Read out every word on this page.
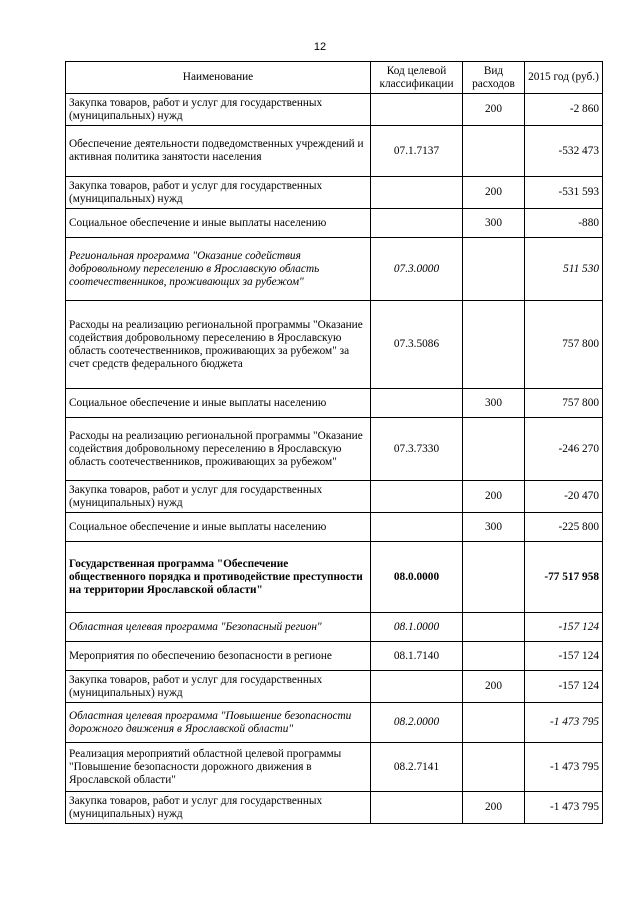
12
Наименование	Код целевой классификации	Вид расходов	2015 год (руб.)
Закупка товаров, работ и услуг для государственных (муниципальных) нужд		200	-2 860
Обеспечение деятельности подведомственных учреждений и активная политика занятости населения	07.1.7137		-532 473
Закупка товаров, работ и услуг для государственных (муниципальных) нужд		200	-531 593
Социальное обеспечение и иные выплаты населению		300	-880
Региональная программа "Оказание содействия добровольному переселению в Ярославскую область соотечественников, проживающих за рубежом"	07.3.0000		511 530
Расходы на реализацию региональной программы "Оказание содействия добровольному переселению в Ярославскую область соотечественников, проживающих за рубежом" за счет средств федерального бюджета	07.3.5086		757 800
Социальное обеспечение и иные выплаты населению		300	757 800
Расходы на реализацию региональной программы "Оказание содействия добровольному переселению в Ярославскую область соотечественников, проживающих за рубежом"	07.3.7330		-246 270
Закупка товаров, работ и услуг для государственных (муниципальных) нужд		200	-20 470
Социальное обеспечение и иные выплаты населению		300	-225 800
Государственная программа "Обеспечение общественного порядка и противодействие преступности на территории Ярославской области"	08.0.0000		-77 517 958
Областная целевая программа "Безопасный регион"	08.1.0000		-157 124
Мероприятия по обеспечению безопасности в регионе	08.1.7140		-157 124
Закупка товаров, работ и услуг для государственных (муниципальных) нужд		200	-157 124
Областная целевая программа "Повышение безопасности дорожного движения в Ярославской области"	08.2.0000		-1 473 795
Реализация мероприятий областной целевой программы "Повышение безопасности дорожного движения в Ярославской области"	08.2.7141		-1 473 795
Закупка товаров, работ и услуг для государственных (муниципальных) нужд		200	-1 473 795
